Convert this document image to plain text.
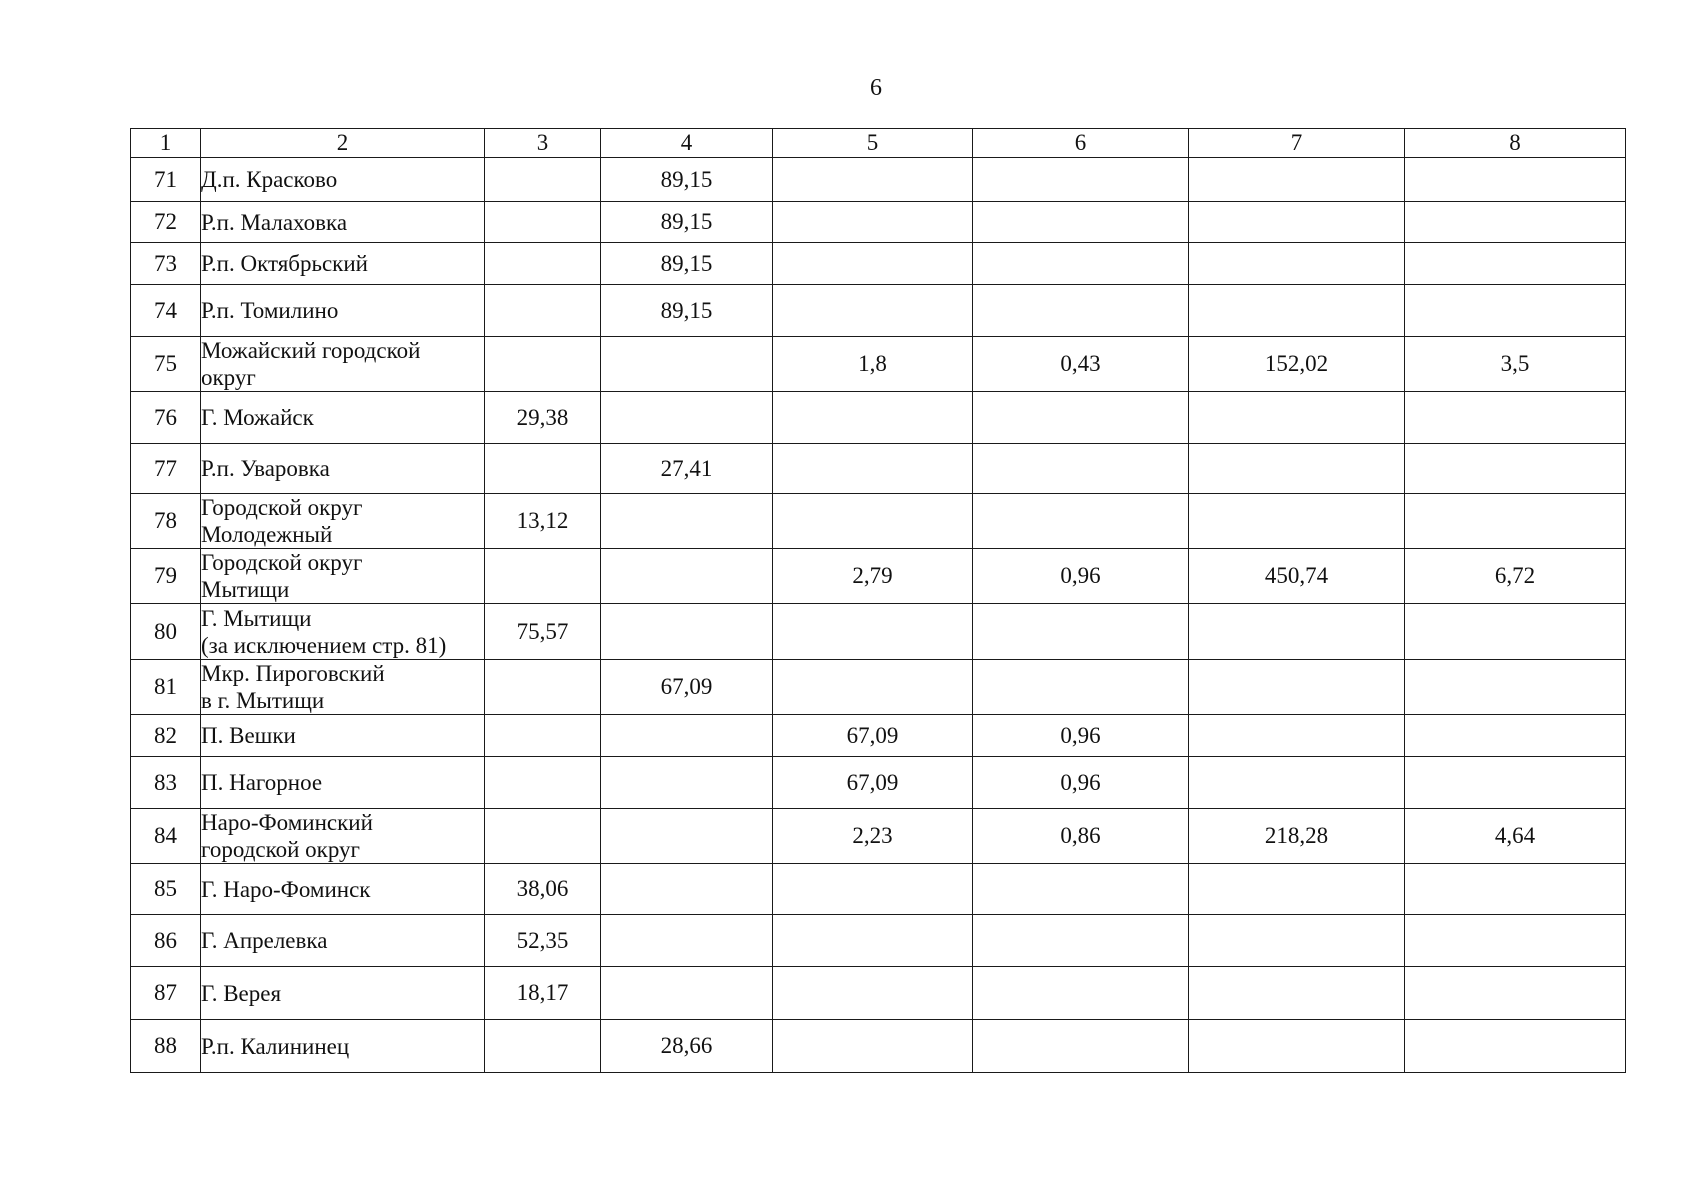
6
1	2	3	4	5	6	7	8
71	Д.п. Красково		89,15				
72	Р.п. Малаховка		89,15				
73	Р.п. Октябрьский		89,15				
74	Р.п. Томилино		89,15				
75	Можайский городской
округ			1,8	0,43	152,02	3,5
76	Г. Можайск	29,38					
77	Р.п. Уваровка		27,41				
78	Городской округ
Молодежный	13,12					
79	Городской округ
Мытищи			2,79	0,96	450,74	6,72
80	Г. Мытищи
(за исключением стр. 81)	75,57					
81	Мкр. Пироговский
в г. Мытищи		67,09				
82	П. Вешки			67,09	0,96		
83	П. Нагорное			67,09	0,96		
84	Наро-Фоминский
городской округ			2,23	0,86	218,28	4,64
85	Г. Наро-Фоминск	38,06					
86	Г. Апрелевка	52,35					
87	Г. Верея	18,17					
88	Р.п. Калининец		28,66				
